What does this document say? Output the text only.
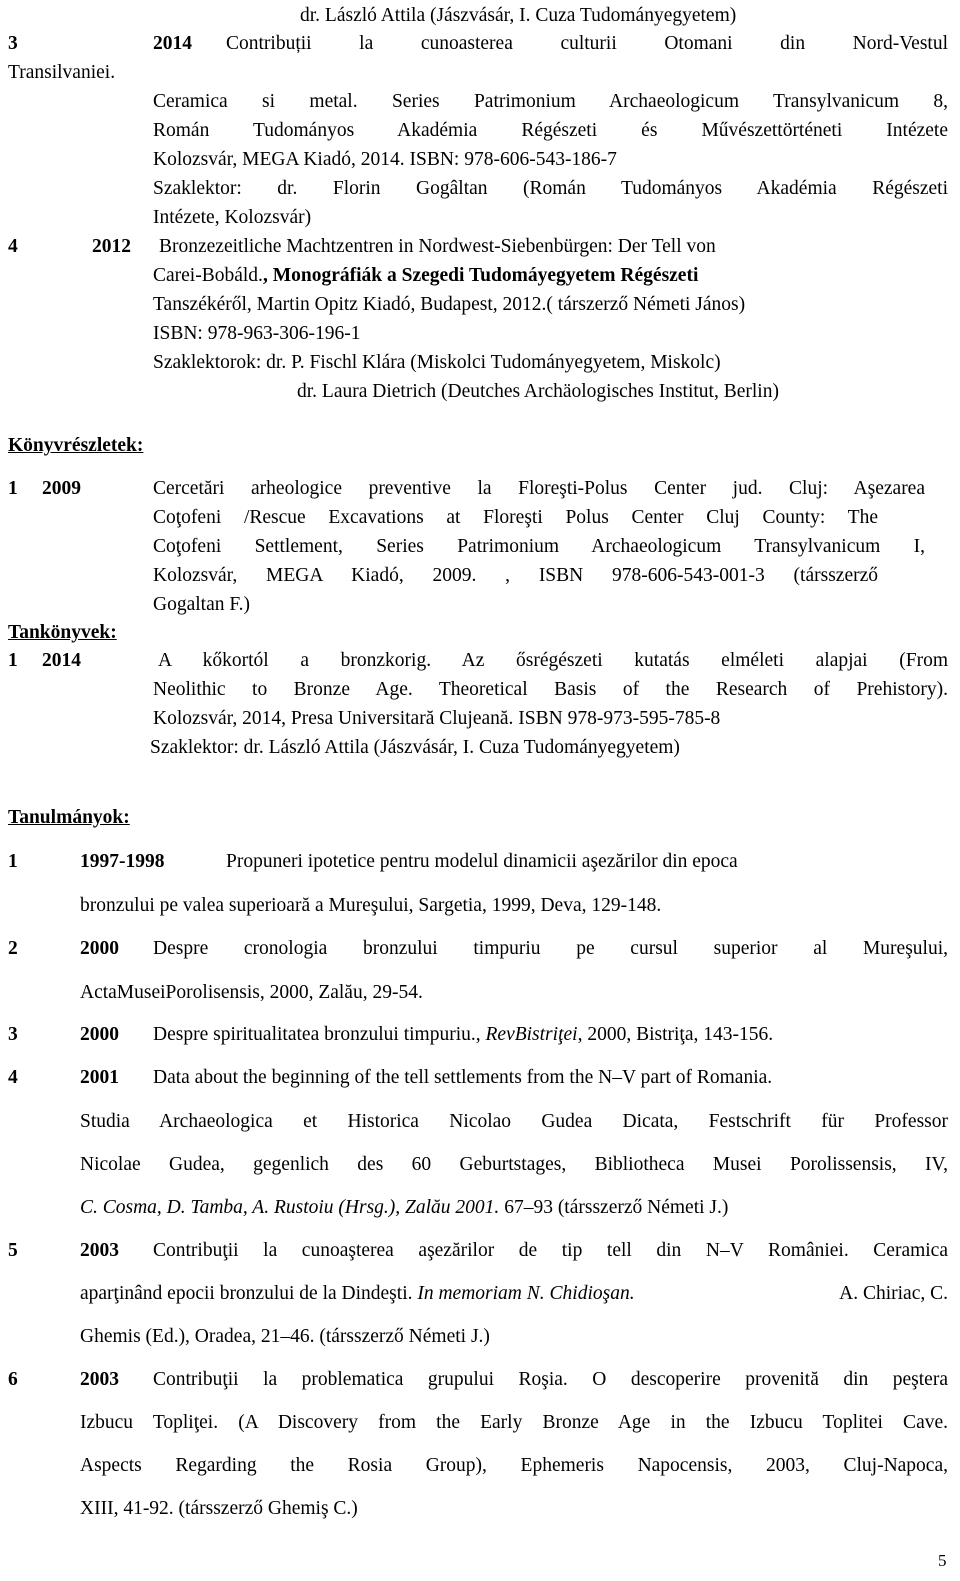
dr. László Attila (Jászvásár, I. Cuza Tudományegyetem)
3	2014 Contribuții la cunoasterea culturii Otomani din Nord-Vestul
Transilvaniei.
Ceramica si metal. Series Patrimonium Archaeologicum Transylvanicum 8,
Román Tudományos Akadémia Régészeti és Művészettörténeti Intézete
Kolozsvár, MEGA Kiadó, 2014. ISBN: 978-606-543-186-7
Szaklektor: dr. Florin Gogâltan (Román Tudományos Akadémia Régészeti
Intézete, Kolozsvár)
4	2012 Bronzezeitliche Machtzentren in Nordwest-Siebenbürgen: Der Tell von
Carei-Bobáld., Monográfiák a Szegedi Tudomáyegyetem Régészeti
Tanszékéről, Martin Opitz Kiadó, Budapest, 2012.( társzerző Németi János)
ISBN: 978-963-306-196-1
Szaklektorok: dr. P. Fischl Klára (Miskolci Tudományegyetem, Miskolc)
dr. Laura Dietrich (Deutches Archäologisches Institut, Berlin)
Könyvrészletek:
1 2009	Cercetări arheologice preventive la Floreşti-Polus Center jud. Cluj: Aşezarea
Coţofeni /Rescue Excavations at Floreşti Polus Center Cluj County: The
Coţofeni Settlement, Series Patrimonium Archaeologicum Transylvanicum I,
Kolozsvár, MEGA Kiadó, 2009. , ISBN 978-606-543-001-3 (társszerző
Gogaltan F.)
Tankönyvek:
1 2014	A kőkortól a bronzkorig. Az ősrégészeti kutatás elméleti alapjai (From
Neolithic to Bronze Age. Theoretical Basis of the Research of Prehistory).
Kolozsvár, 2014, Presa Universitară Clujeană. ISBN 978-973-595-785-8
Szaklektor: dr. László Attila (Jászvásár, I. Cuza Tudományegyetem)
Tanulmányok:
1	1997-1998	Propuneri ipotetice pentru modelul dinamicii aşezărilor din epoca
bronzului pe valea superioară a Mureşului, Sargetia, 1999, Deva, 129-148.
2	2000 Despre cronologia bronzului timpuriu pe cursul superior al Mureşului,
ActaMuseiPorolisensis, 2000, Zalău, 29-54.
3	2000 Despre spiritualitatea bronzului timpuriu., RevBistriţei, 2000, Bistriţa, 143-156.
4	2001 Data about the beginning of the tell settlements from the N–V part of Romania.
Studia Archaeologica et Historica Nicolao Gudea Dicata, Festschrift für Professor
Nicolae Gudea, gegenlich des 60 Geburtstages, Bibliotheca Musei Porolissensis, IV,
C. Cosma, D. Tamba, A. Rustoiu (Hrsg.), Zalău 2001. 67–93 (társszerző Németi J.)
5	2003 Contribuţii la cunoaşterea aşezărilor de tip tell din N–V României. Ceramica
aparţinând epocii bronzului de la Dindeşti. In memoriam N. Chidioşan.	A. Chiriac, C.
Ghemis (Ed.), Oradea, 21–46. (társszerző Németi J.)
6	2003 Contribuţii la problematica grupului Roşia. O descoperire provenită din peştera
Izbucu Topliţei. (A Discovery from the Early Bronze Age in the Izbucu Toplitei Cave.
Aspects Regarding the Rosia Group), Ephemeris Napocensis, 2003, Cluj-Napoca,
XIII, 41-92. (társszerző Ghemiş C.)
5
